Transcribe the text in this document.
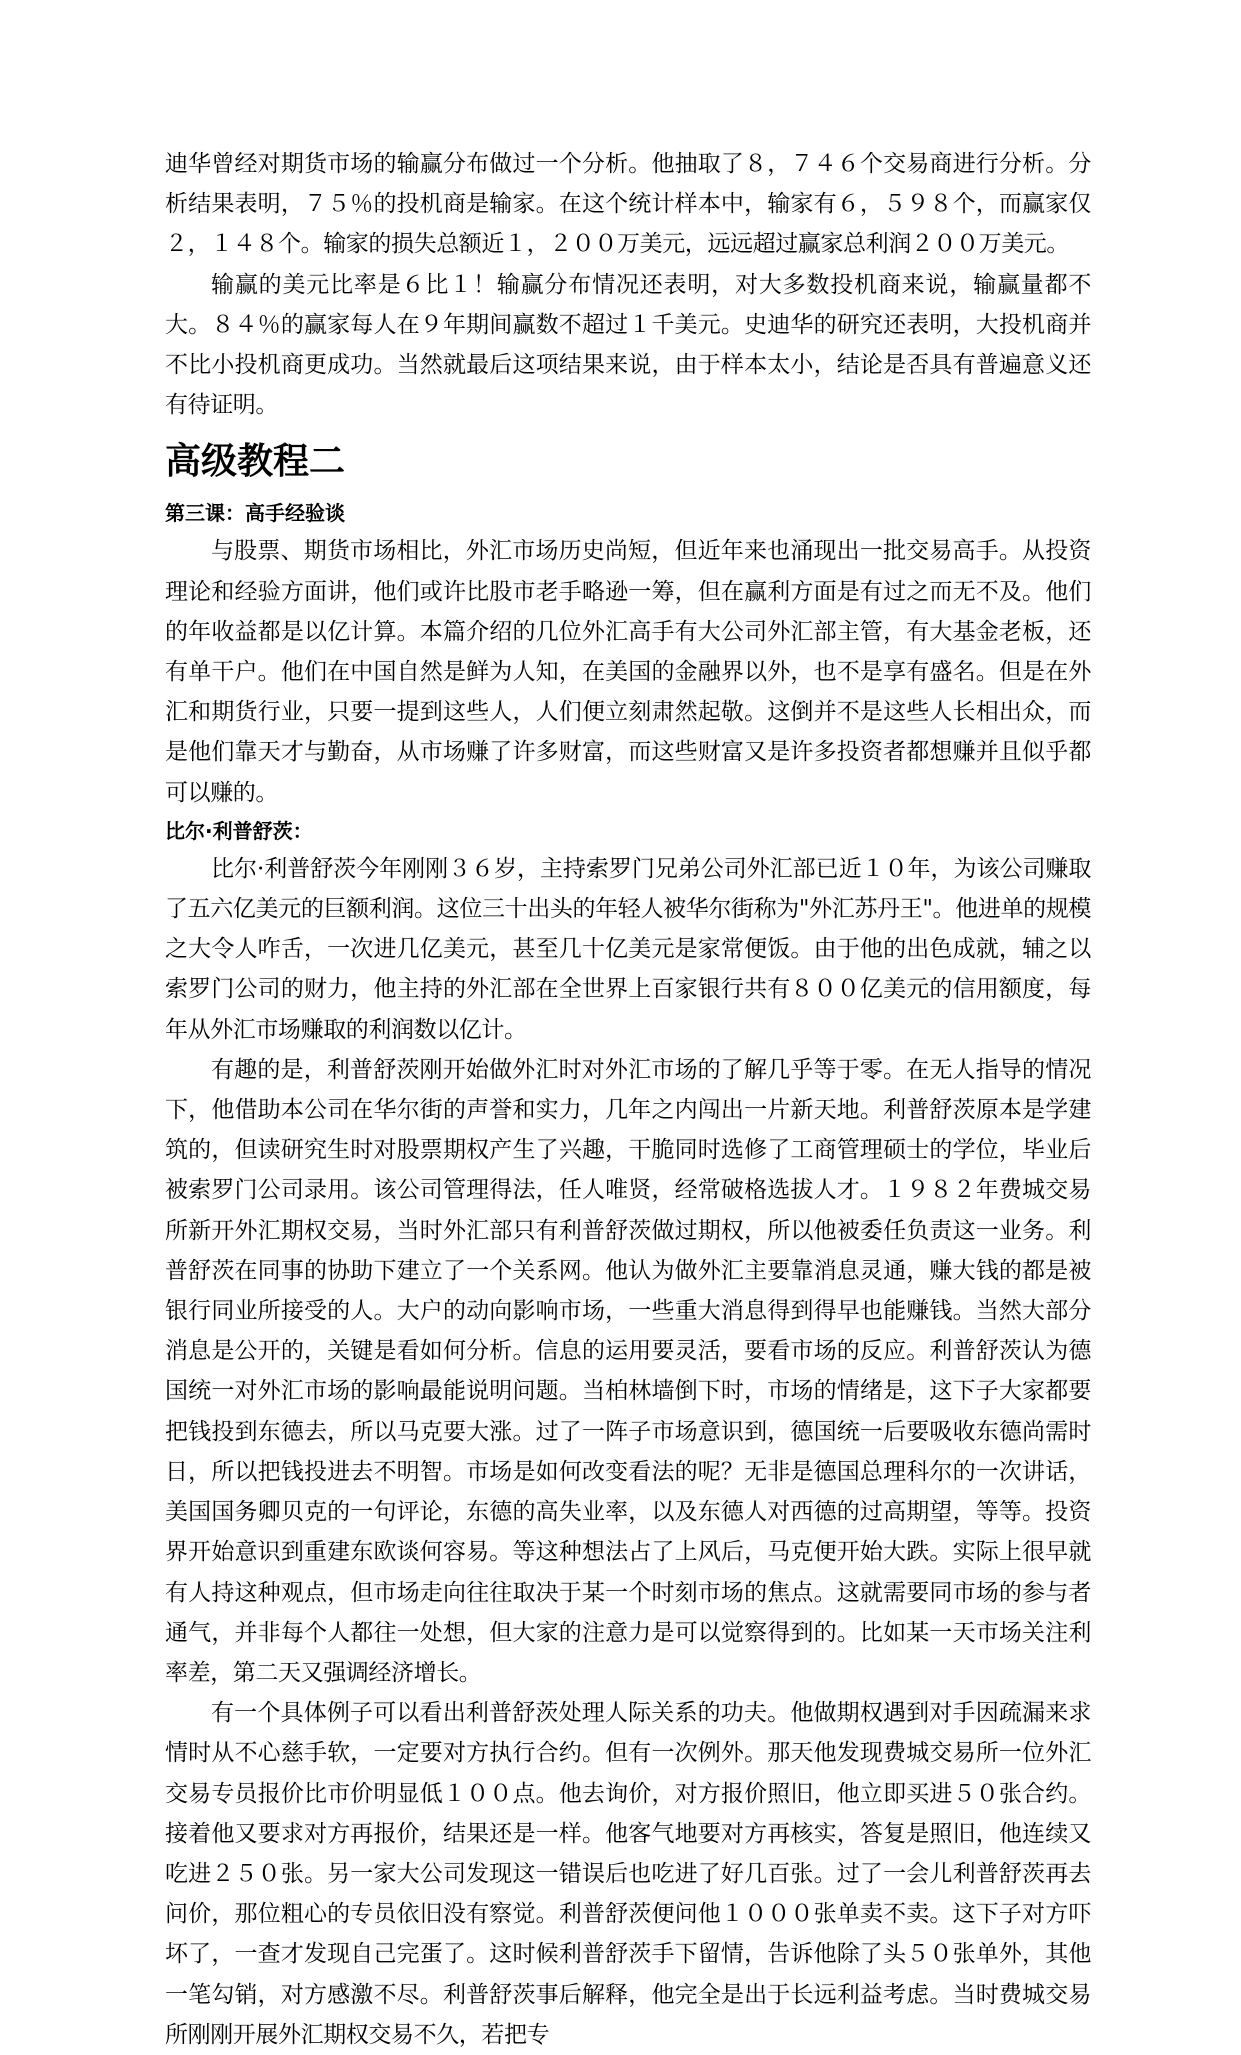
迪华曾经对期货市场的输赢分布做过一个分析。他抽取了８，７４６个交易商进行分析。分析结果表明，７５％的投机商是输家。在这个统计样本中，输家有６，５９８个，而赢家仅２，１４８个。输家的损失总额近１，２００万美元，远远超过赢家总利润２００万美元。

输赢的美元比率是６比１！输赢分布情况还表明，对大多数投机商来说，输赢量都不大。８４％的赢家每人在９年期间赢数不超过１千美元。史迪华的研究还表明，大投机商并不比小投机商更成功。当然就最后这项结果来说，由于样本太小，结论是否具有普遍意义还有待证明。

高级教程二
第三课：高手经验谈

与股票、期货市场相比，外汇市场历史尚短，但近年来也涌现出一批交易高手。从投资理论和经验方面讲，他们或许比股市老手略逊一筹，但在赢利方面是有过之而无不及。他们的年收益都是以亿计算。本篇介绍的几位外汇高手有大公司外汇部主管，有大基金老板，还有单干户。他们在中国自然是鲜为人知，在美国的金融界以外，也不是享有盛名。但是在外汇和期货行业，只要一提到这些人，人们便立刻肃然起敬。这倒并不是这些人长相出众，而是他们靠天才与勤奋，从市场赚了许多财富，而这些财富又是许多投资者都想赚并且似乎都可以赚的。

比尔·利普舒茨：

比尔·利普舒茨今年刚刚３６岁，主持索罗门兄弟公司外汇部已近１０年，为该公司赚取了五六亿美元的巨额利润。这位三十出头的年轻人被华尔街称为"外汇苏丹王"。他进单的规模之大令人咋舌，一次进几亿美元，甚至几十亿美元是家常便饭。由于他的出色成就，辅之以索罗门公司的财力，他主持的外汇部在全世界上百家银行共有８００亿美元的信用额度，每年从外汇市场赚取的利润数以亿计。

有趣的是，利普舒茨刚开始做外汇时对外汇市场的了解几乎等于零。在无人指导的情况下，他借助本公司在华尔街的声誉和实力，几年之内闯出一片新天地。利普舒茨原本是学建筑的，但读研究生时对股票期权产生了兴趣，干脆同时选修了工商管理硕士的学位，毕业后被索罗门公司录用。该公司管理得法，任人唯贤，经常破格选拔人才。１９８２年费城交易所新开外汇期权交易，当时外汇部只有利普舒茨做过期权，所以他被委任负责这一业务。利普舒茨在同事的协助下建立了一个关系网。他认为做外汇主要靠消息灵通，赚大钱的都是被银行同业所接受的人。大户的动向影响市场，一些重大消息得到得早也能赚钱。当然大部分消息是公开的，关键是看如何分析。信息的运用要灵活，要看市场的反应。利普舒茨认为德国统一对外汇市场的影响最能说明问题。当柏林墙倒下时，市场的情绪是，这下子大家都要把钱投到东德去，所以马克要大涨。过了一阵子市场意识到，德国统一后要吸收东德尚需时日，所以把钱投进去不明智。市场是如何改变看法的呢？无非是德国总理科尔的一次讲话，美国国务卿贝克的一句评论，东德的高失业率，以及东德人对西德的过高期望，等等。投资界开始意识到重建东欧谈何容易。等这种想法占了上风后，马克便开始大跌。实际上很早就有人持这种观点，但市场走向往往取决于某一个时刻市场的焦点。这就需要同市场的参与者通气，并非每个人都往一处想，但大家的注意力是可以觉察得到的。比如某一天市场关注利率差，第二天又强调经济增长。

有一个具体例子可以看出利普舒茨处理人际关系的功夫。他做期权遇到对手因疏漏来求情时从不心慈手软，一定要对方执行合约。但有一次例外。那天他发现费城交易所一位外汇交易专员报价比市价明显低１００点。他去询价，对方报价照旧，他立即买进５０张合约。接着他又要求对方再报价，结果还是一样。他客气地要对方再核实，答复是照旧，他连续又吃进２５０张。另一家大公司发现这一错误后也吃进了好几百张。过了一会儿利普舒茨再去问价，那位粗心的专员依旧没有察觉。利普舒茨便问他１０００张单卖不卖。这下子对方吓坏了，一查才发现自己完蛋了。这时候利普舒茨手下留情，告诉他除了头５０张单外，其他一笔勾销，对方感激不尽。利普舒茨事后解释，他完全是出于长远利益考虑。当时费城交易所刚刚开展外汇期权交易不久，若把专
